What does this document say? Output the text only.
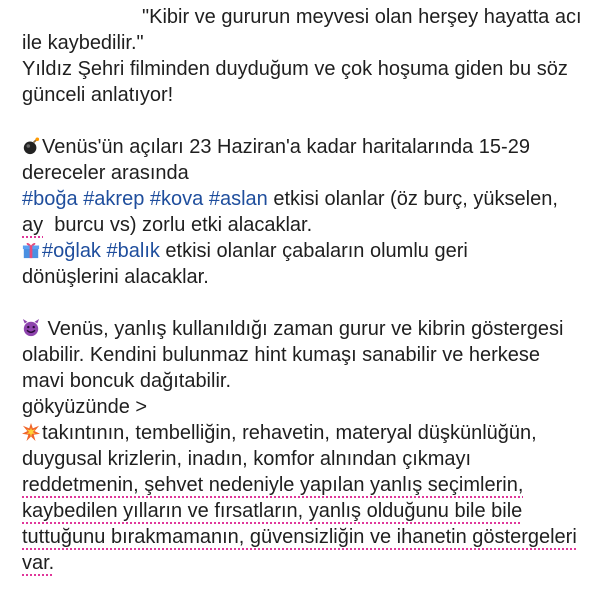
"Kibir ve gururun meyvesi olan herşey hayatta acı
ile kaybedilir."
Yıldız Şehri filminden duyduğum ve çok hoşuma giden bu söz
günceli anlatıyor!
Venüs'ün açıları 23 Haziran'a kadar haritalarında 15-29
dereceler arasında
#boğa #akrep #kova #aslan etkisi olanlar (öz burç, yükselen,
ay  burcu vs) zorlu etki alacaklar.
#oğlak #balık etkisi olanlar çabaların olumlu geri
dönüşlerini alacaklar.
Venüs, yanlış kullanıldığı zaman gurur ve kibrin göstergesi
olabilir. Kendini bulunmaz hint kumaşı sanabilir ve herkese
mavi boncuk dağıtabilir.
gökyüzünde >
takıntının, tembelliğin, rehavetin, materyal düşkünlüğün,
duygusal krizlerin, inadın, komfor alnından çıkmayı
reddetmenin, şehvet nedeniyle yapılan yanlış seçimlerin,
kaybedilen yılların ve fırsatların, yanlış olduğunu bile bile
tuttuğunu bırakmamanın, güvensizliğin ve ihanetin göstergeleri
var.
